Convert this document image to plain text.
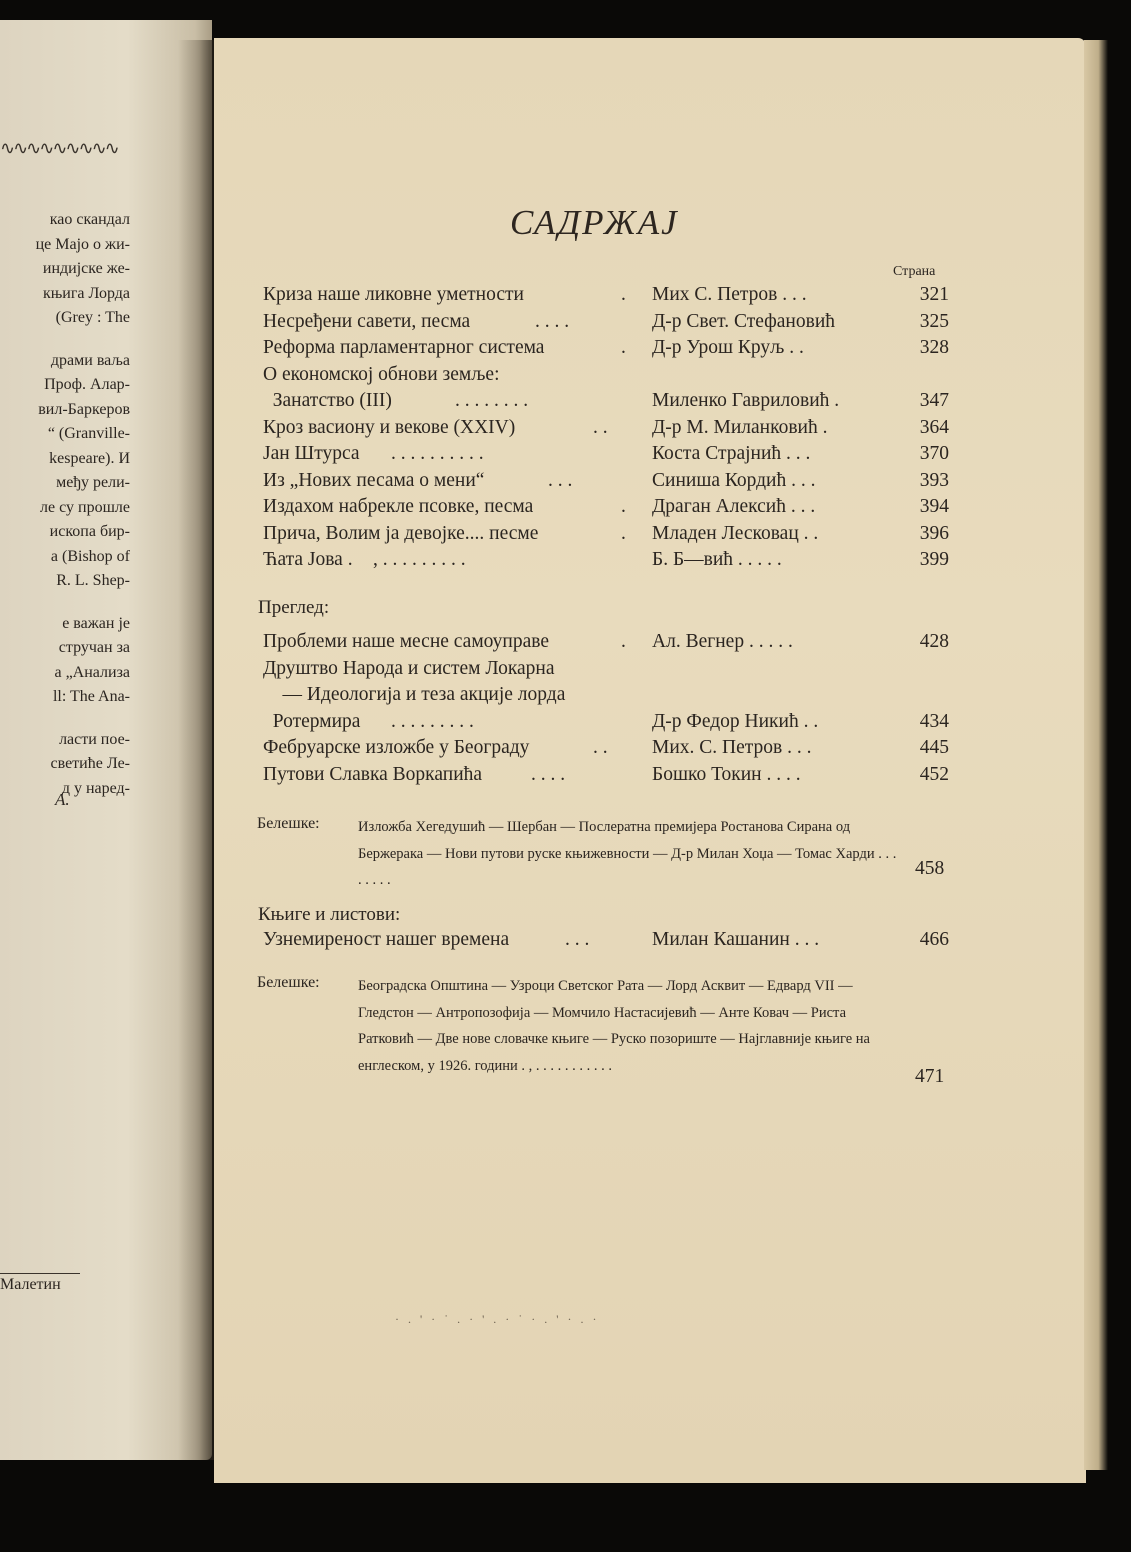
∿∿∿∿∿∿∿∿∿
као скандал
це Мајо о жи-
индијске же-
књига Лорда
(Grey : The
драми ваља
Проф. Алар-
вил-Баркеров
“ (Granville-
kespeare). И
међу рели-
ле су прошле
ископа бир-
а (Bishop of
R. L. Shep-
е важан је
стручан за
а „Анализа
ll: The Ana-
ласти пое-
светиће Ле-
д у наред-
А.
Малетин
САДРЖАЈ
Страна
Криза наше ликовне уметности	. Мих С. Петров . . .	321
Несређени савети, песма	. . . .	Д-р Свет. Стефановић	325
Реформа парламентарног система	. Д-р Урош Круљ . .	328
О економској обнови земље:
Занатство (III)	. . . . . . . .	Миленко Гавриловић .	347
Кроз васиону и векове (XXIV)	. . Д-р М. Миланковић .	364
Јан Штурса . . . . . . . . . .	Коста Страјнић . . .	370
Из „Нових песама о мени“	. . .	Синиша Кордић . . .	393
Издахом набрекле псовке, песма	. Драган Алексић . . .	394
Прича, Волим ја девојке.... песме	. Младен Лесковац . .	396
Ћата Јова . , . . . . . . . . .	Б. Б—вић . . . . .	399
Преглед:
Проблеми наше месне самоуправе	. Ал. Вегнер . . . . .	428
Друштво Народа и систем Локарна
— Идеологија и теза акције лорда
Ротермира . . . . . . . . .	Д-р Федор Никић . .	434
Фебруарске изложбе у Београду	. . Мих. С. Петров . . .	445
Путови Славка Воркапића	. . . .	Бошко Токин . . . .	452
Белешке:	Изложба Хегедушић — Шербан — Послератна премијера Ростанова Сирана од Бержерака — Нови путови руске књижевности — Д-р Милан Хоџа — Томас Харди . . . . . . . .
458
Књиге и листови:
Узнемиреност нашег времена	. . .	Милан Кашанин . . .	466
Белешке:	Београдска Општина — Узроци Светског Рата — Лорд Асквит — Едвард VII — Гледстон — Антропозофија — Момчило Настасијевић — Анте Ковач — Риста Ратковић — Две нове словачке књиге — Руско позориште — Најглавније књиге на енглеском, у 1926. години . , . . . . . . . . . . .
471
· . ' · ˙ . · ' . · ˙ · . ' · . ·
